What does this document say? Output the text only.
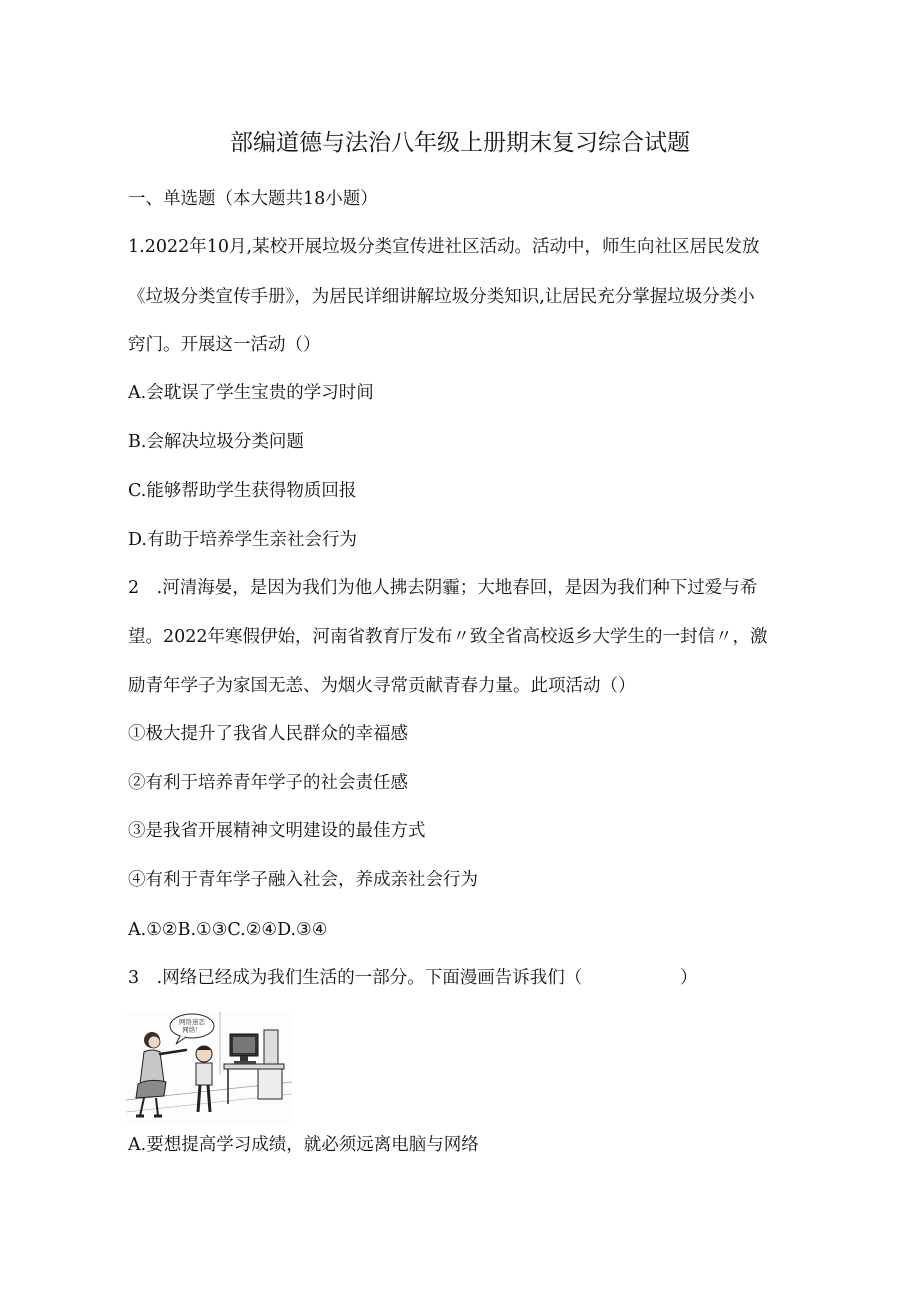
部编道德与法治八年级上册期末复习综合试题
一、单选题（本大题共18小题）
1.2022年10月,某校开展垃圾分类宣传进社区活动。活动中，师生向社区居民发放
《垃圾分类宣传手册》，为居民详细讲解垃圾分类知识,让居民充分掌握垃圾分类小
窍门。开展这一活动（）
A.会耽误了学生宝贵的学习时间
B.会解决垃圾分类问题
C.能够帮助学生获得物质回报
D.有助于培养学生亲社会行为
2　.河清海晏，是因为我们为他人拂去阴霾；大地春回，是因为我们种下过爱与希
望。2022年寒假伊始，河南省教育厅发布〃致全省高校返乡大学生的一封信〃，激
励青年学子为家国无恙、为烟火寻常贡献青春力量。此项活动（）
①极大提升了我省人民群众的幸福感
②有利于培养青年学子的社会责任感
③是我省开展精神文明建设的最佳方式
④有利于青年学子融入社会，养成亲社会行为
A.①②B.①③C.②④D.③④
3　.网络已经成为我们生活的一部分。下面漫画告诉我们（	）
网络迷恋
网络！
A.要想提高学习成绩，就必须远离电脑与网络
